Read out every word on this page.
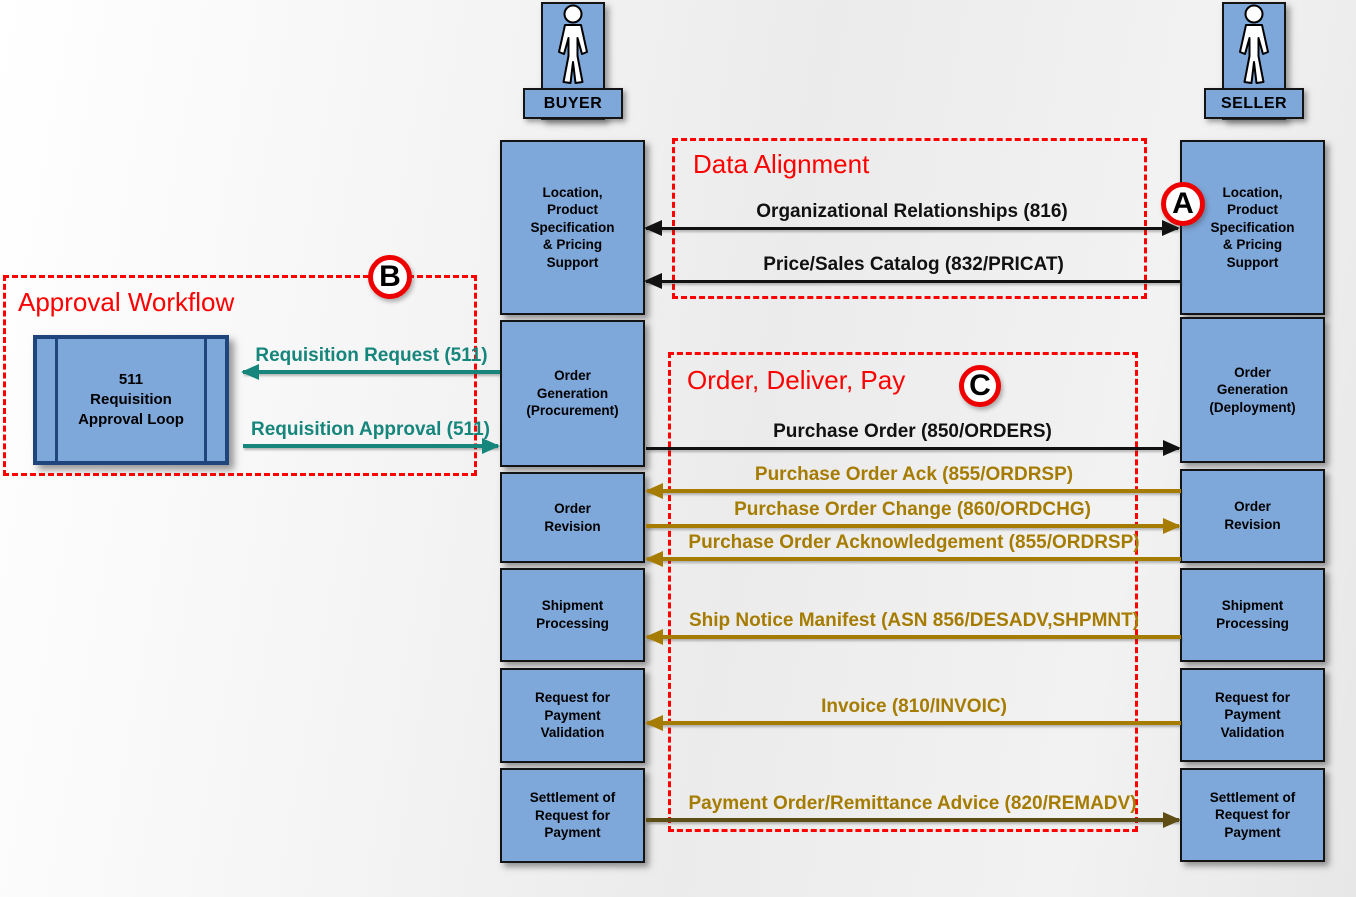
Data Alignment
Approval Workflow
Order, Deliver, Pay
BUYER	SELLER
511
Requisition
Approval Loop
Location,
Product
Specification
& Pricing
Support
Order
Generation
(Procurement)
Order
Revision
Shipment
Processing
Request for
Payment
Validation
Settlement of
Request for
Payment
Location,
Product
Specification
& Pricing
Support
Order
Generation
(Deployment)
Order
Revision
Shipment
Processing
Request for
Payment
Validation
Settlement of
Request for
Payment
Organizational Relationships (816)
Price/Sales Catalog (832/PRICAT)
Requisition Request (511)
Requisition Approval (511)	Purchase Order (850/ORDERS)
Purchase Order Ack (855/ORDRSP)
Purchase Order Change (860/ORDCHG)
Purchase Order Acknowledgement (855/ORDRSP)
Ship Notice Manifest (ASN 856/DESADV,SHPMNT)
Invoice (810/INVOIC)
Payment Order/Remittance Advice (820/REMADV)
A
B
C
